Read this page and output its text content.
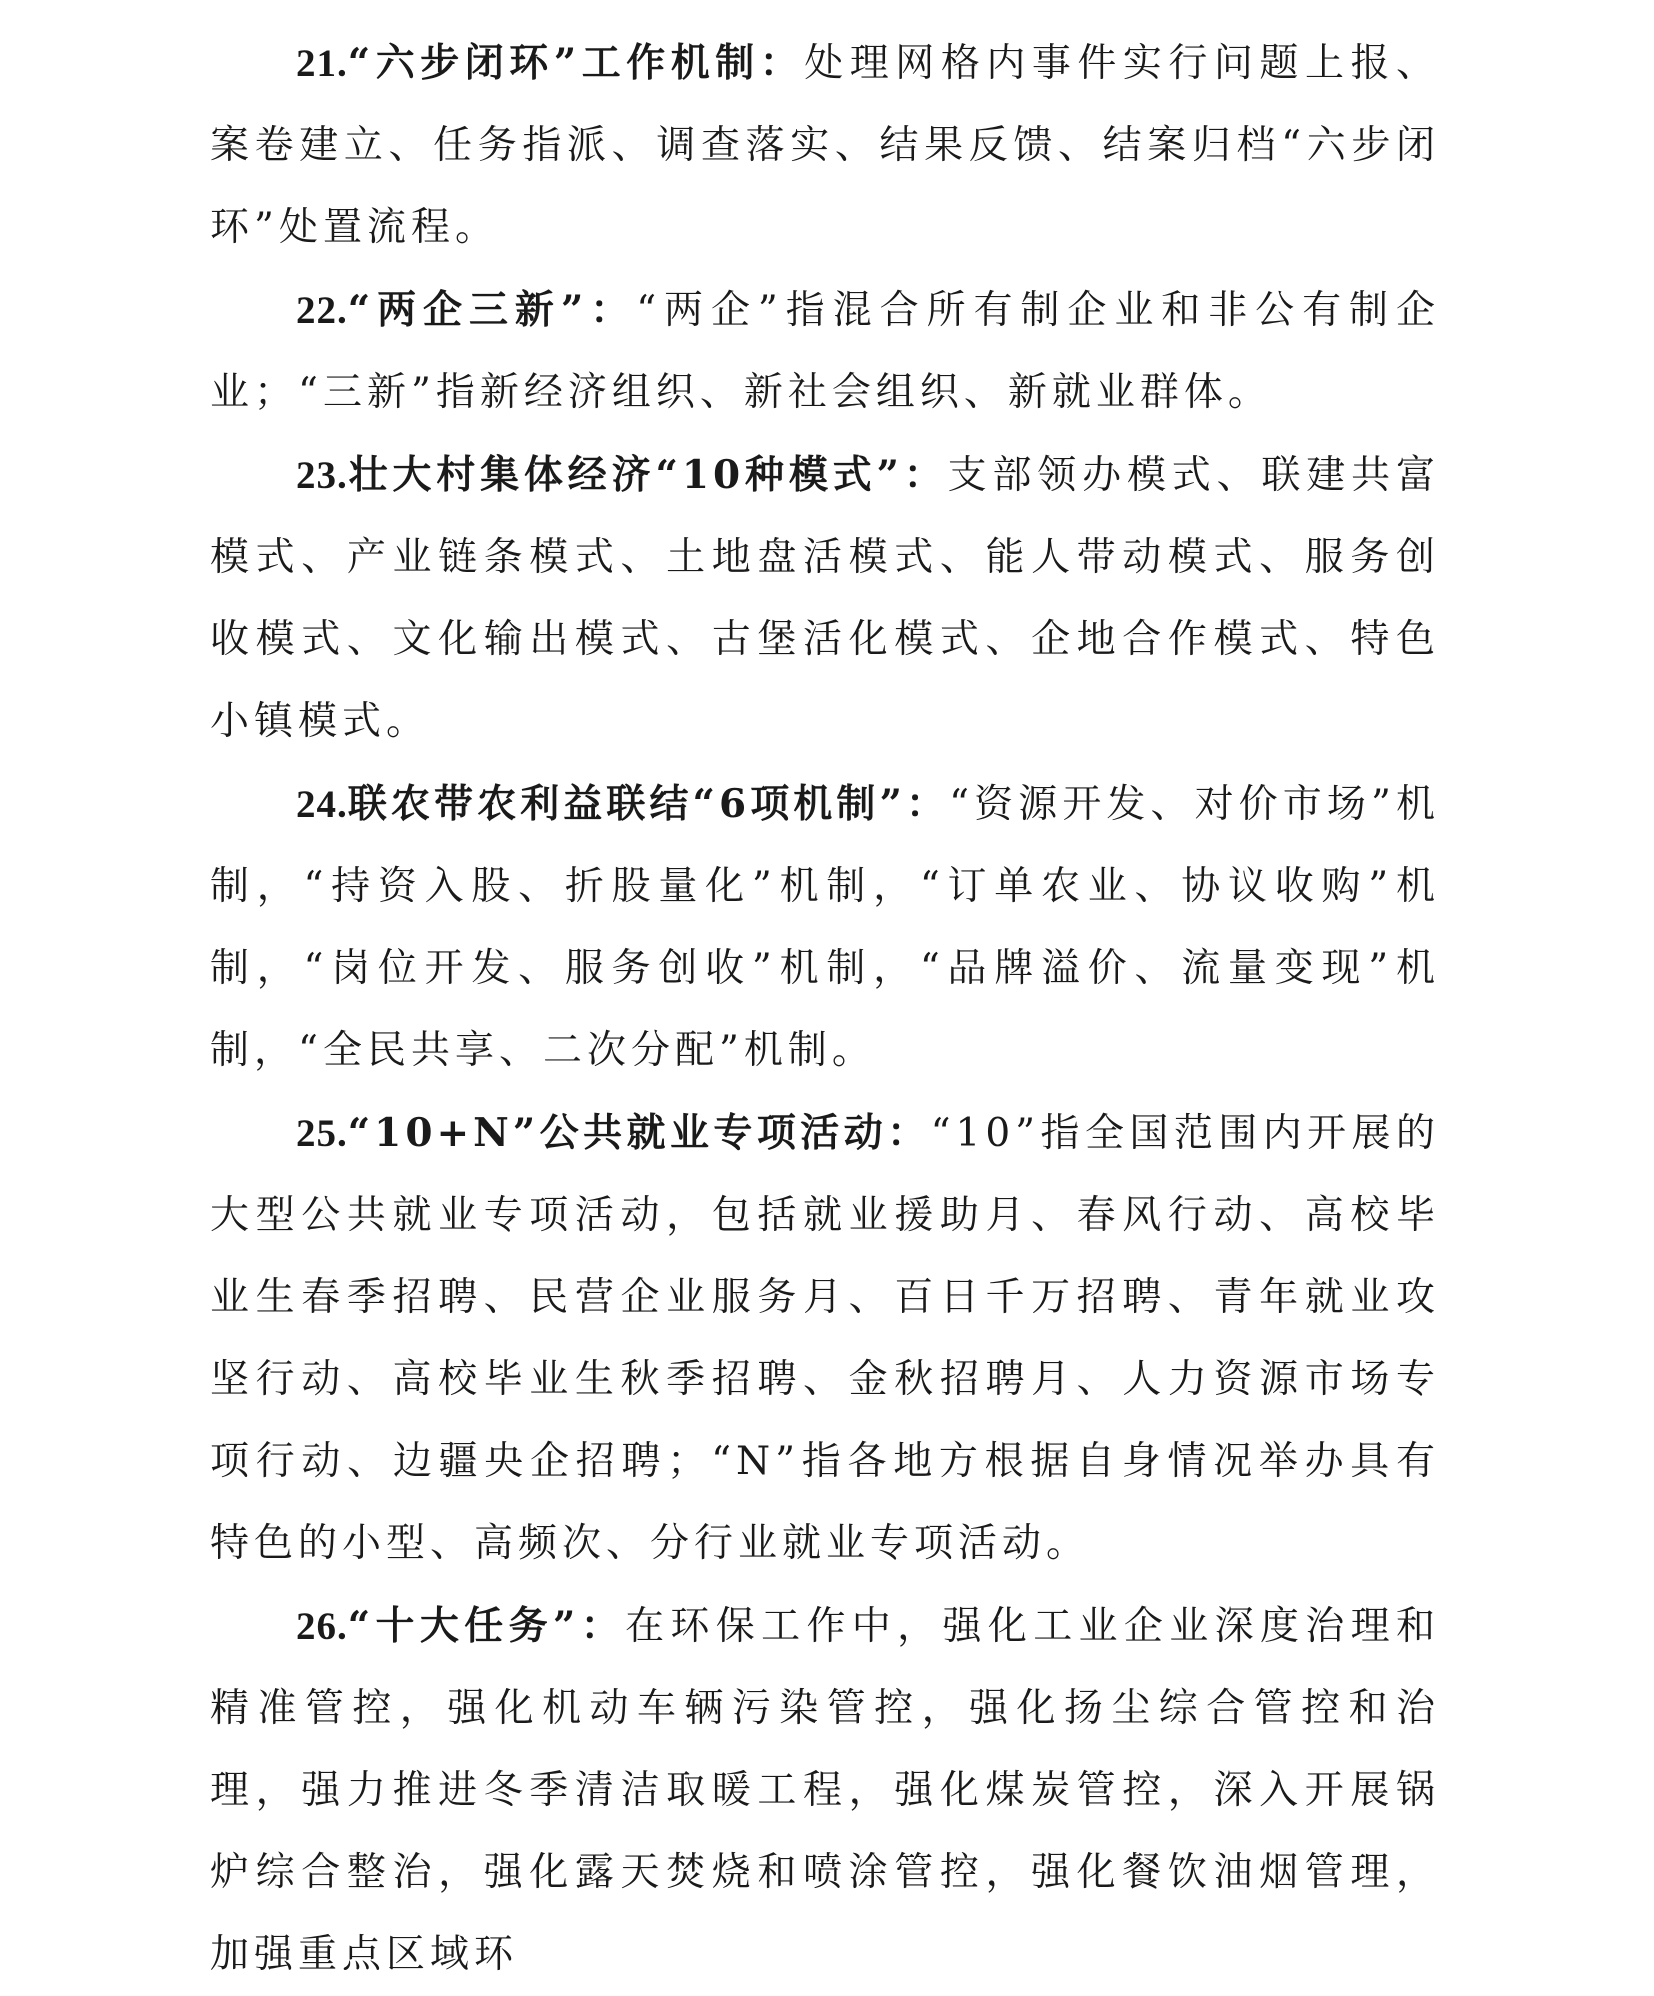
21.“六步闭环”工作机制：处理网格内事件实行问题上报、案卷建立、任务指派、调查落实、结果反馈、结案归档“六步闭环”处置流程。

22.“两企三新”：“两企”指混合所有制企业和非公有制企业；“三新”指新经济组织、新社会组织、新就业群体。

23.壮大村集体经济“10种模式”：支部领办模式、联建共富模式、产业链条模式、土地盘活模式、能人带动模式、服务创收模式、文化输出模式、古堡活化模式、企地合作模式、特色小镇模式。

24.联农带农利益联结“6项机制”：“资源开发、对价市场”机制，“持资入股、折股量化”机制，“订单农业、协议收购”机制，“岗位开发、服务创收”机制，“品牌溢价、流量变现”机制，“全民共享、二次分配”机制。

25.“10+N”公共就业专项活动：“10”指全国范围内开展的大型公共就业专项活动，包括就业援助月、春风行动、高校毕业生春季招聘、民营企业服务月、百日千万招聘、青年就业攻坚行动、高校毕业生秋季招聘、金秋招聘月、人力资源市场专项行动、边疆央企招聘；“N”指各地方根据自身情况举办具有特色的小型、高频次、分行业就业专项活动。

26.“十大任务”：在环保工作中，强化工业企业深度治理和精准管控，强化机动车辆污染管控，强化扬尘综合管控和治理，强力推进冬季清洁取暖工程，强化煤炭管控，深入开展锅炉综合整治，强化露天焚烧和喷涂管控，强化餐饮油烟管理，加强重点区域环
